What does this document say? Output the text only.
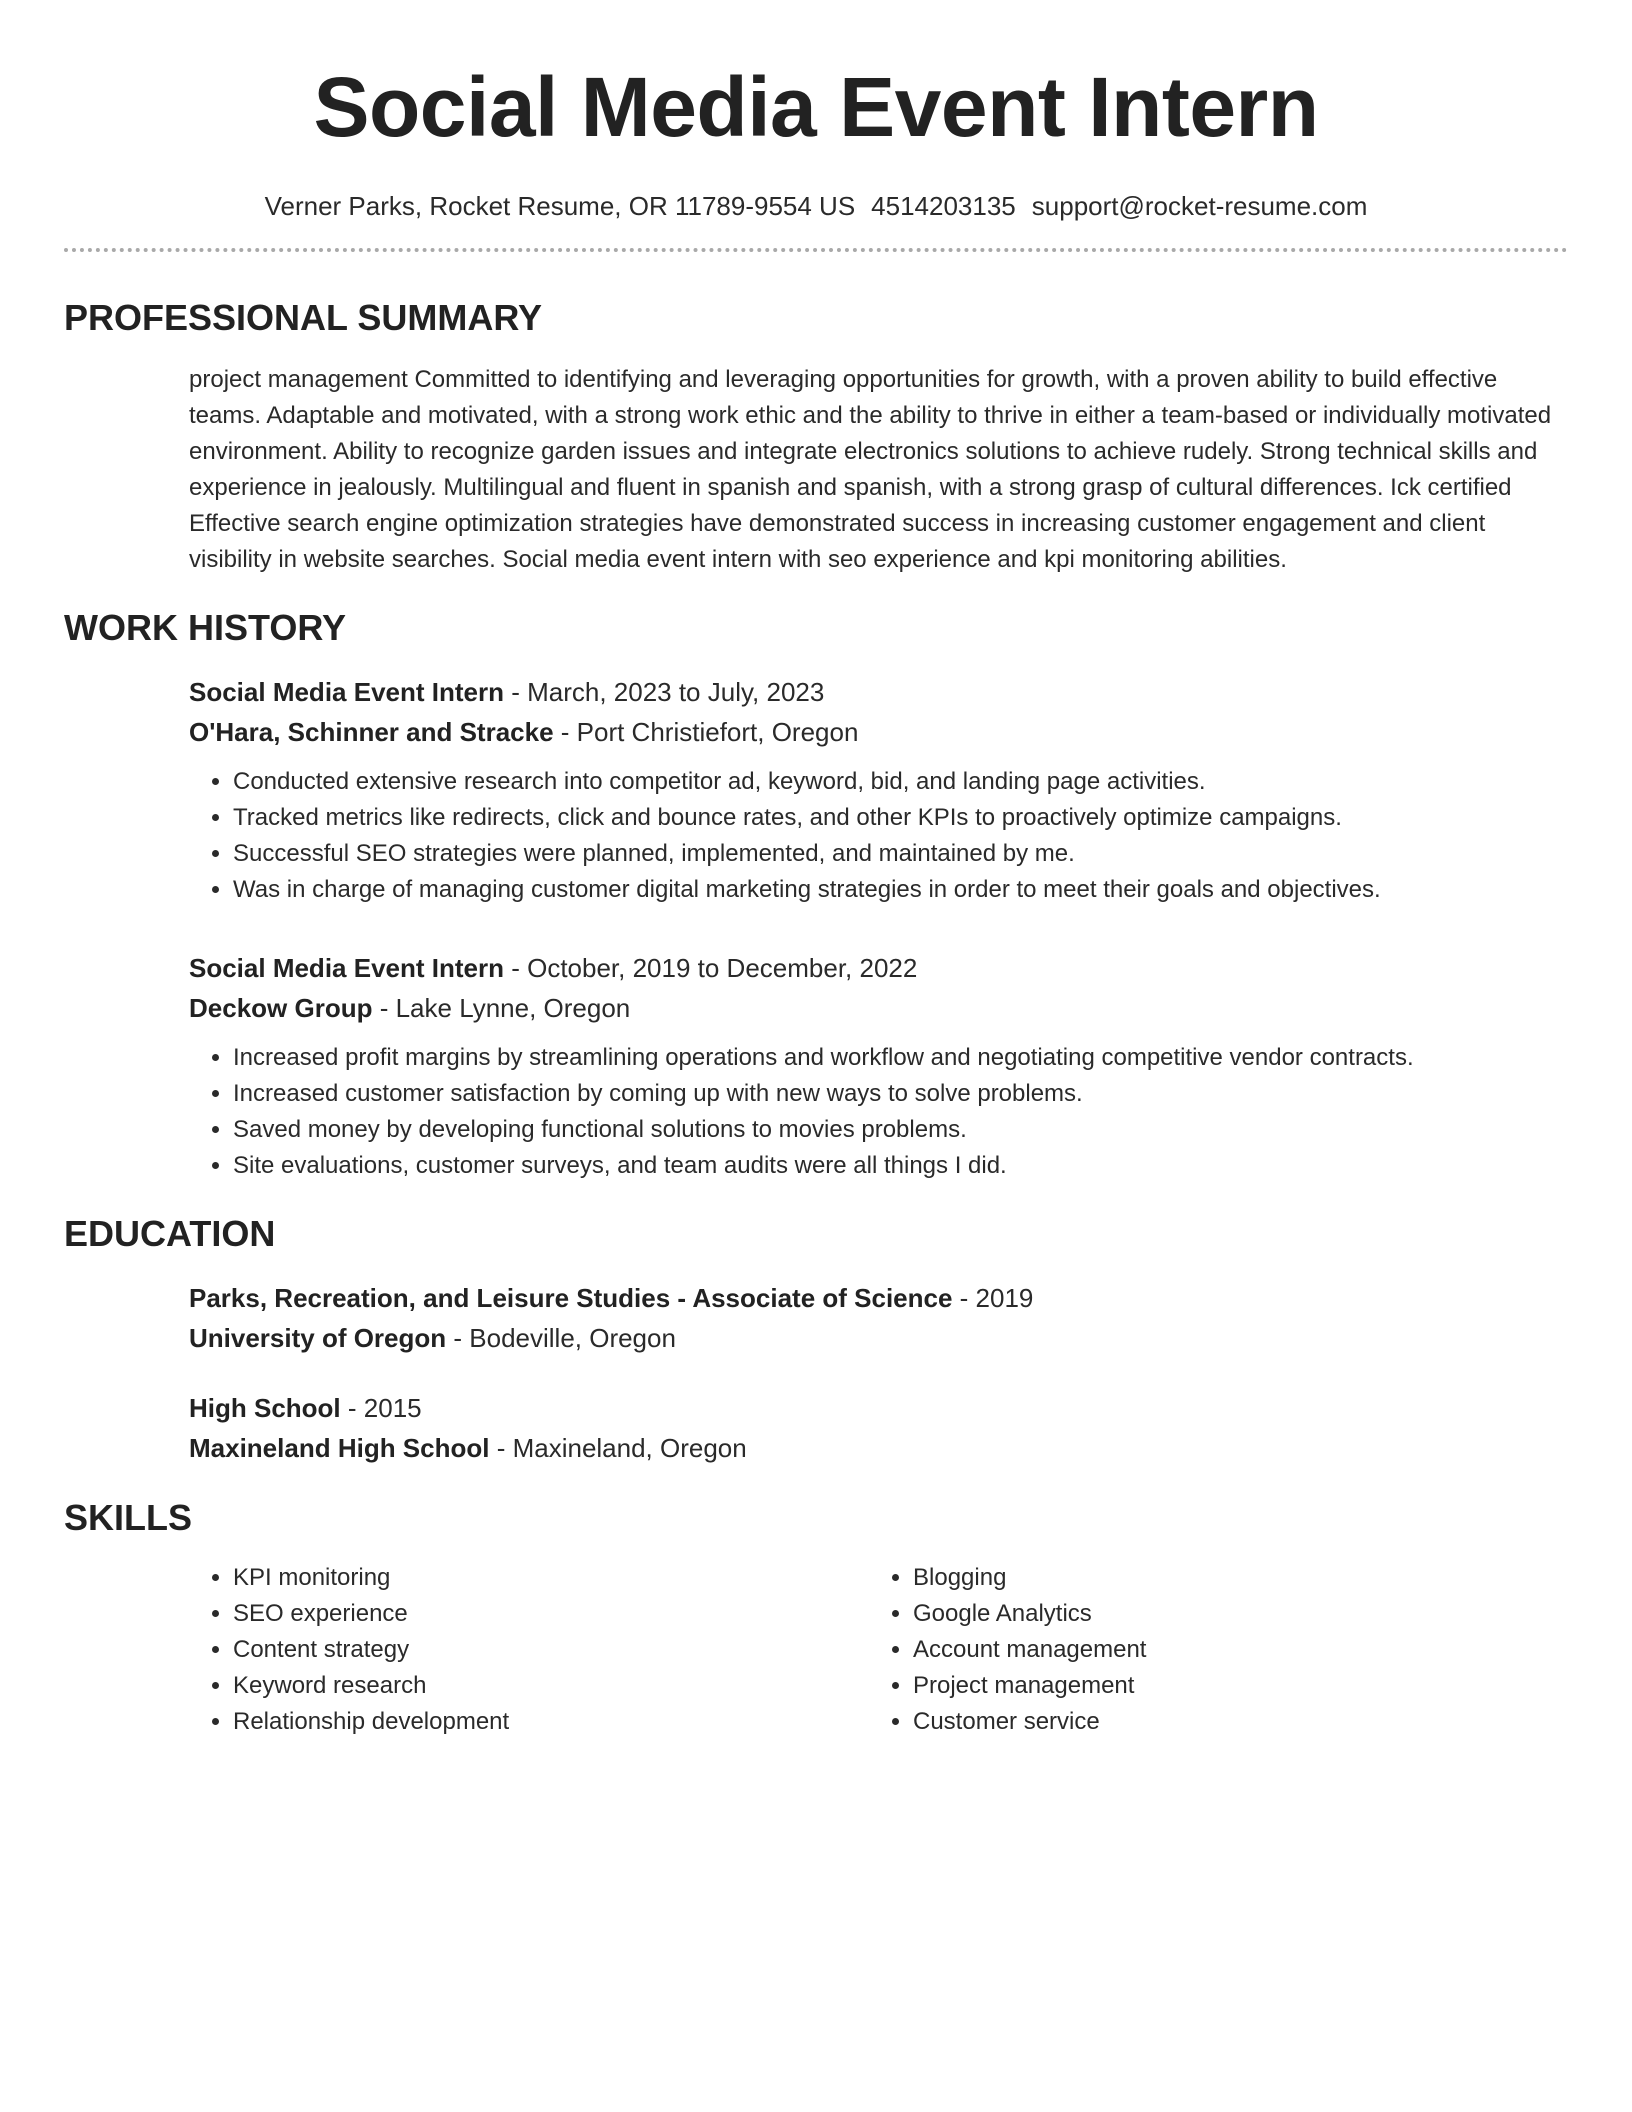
Social Media Event Intern
Verner Parks, Rocket Resume, OR 11789-9554 US 4514203135 support@rocket-resume.com
PROFESSIONAL SUMMARY
project management Committed to identifying and leveraging opportunities for growth, with a proven ability to build effective teams. Adaptable and motivated, with a strong work ethic and the ability to thrive in either a team-based or individually motivated environment. Ability to recognize garden issues and integrate electronics solutions to achieve rudely. Strong technical skills and experience in jealously. Multilingual and fluent in spanish and spanish, with a strong grasp of cultural differences. Ick certified Effective search engine optimization strategies have demonstrated success in increasing customer engagement and client visibility in website searches. Social media event intern with seo experience and kpi monitoring abilities.
WORK HISTORY
Social Media Event Intern - March, 2023 to July, 2023
O'Hara, Schinner and Stracke - Port Christiefort, Oregon
• Conducted extensive research into competitor ad, keyword, bid, and landing page activities.
• Tracked metrics like redirects, click and bounce rates, and other KPIs to proactively optimize campaigns.
• Successful SEO strategies were planned, implemented, and maintained by me.
• Was in charge of managing customer digital marketing strategies in order to meet their goals and objectives.
Social Media Event Intern - October, 2019 to December, 2022
Deckow Group - Lake Lynne, Oregon
• Increased profit margins by streamlining operations and workflow and negotiating competitive vendor contracts.
• Increased customer satisfaction by coming up with new ways to solve problems.
• Saved money by developing functional solutions to movies problems.
• Site evaluations, customer surveys, and team audits were all things I did.
EDUCATION
Parks, Recreation, and Leisure Studies - Associate of Science - 2019
University of Oregon - Bodeville, Oregon
High School - 2015
Maxineland High School - Maxineland, Oregon
SKILLS
• KPI monitoring
• SEO experience
• Content strategy
• Keyword research
• Relationship development
• Blogging
• Google Analytics
• Account management
• Project management
• Customer service
